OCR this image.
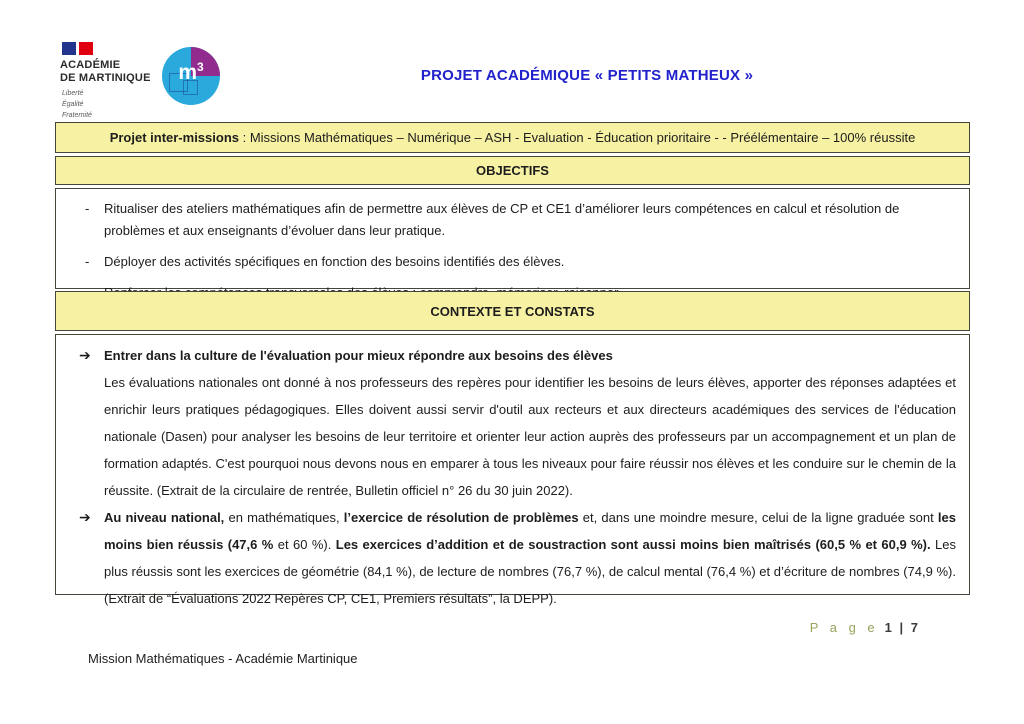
ACADÉMIE
DE MARTINIQUE
Liberté
Égalité
Fraternité
$m^3$	PROJET ACADÉMIQUE « PETITS MATHEUX »
Projet inter-missions : Missions Mathématiques – Numérique – ASH - Evaluation - Éducation prioritaire - - Préélémentaire – 100% réussite
OBJECTIFS
- Ritualiser des ateliers mathématiques afin de permettre aux élèves de CP et CE1 d’améliorer leurs compétences en calcul et résolution de problèmes et aux enseignants d’évoluer dans leur pratique.
- Déployer des activités spécifiques en fonction des besoins identifiés des élèves.
CONTEXTE ET CONSTATS
➔ Entrer dans la culture de l'évaluation pour mieux répondre aux besoins des élèves
Les évaluations nationales ont donné à nos professeurs des repères pour identifier les besoins de leurs élèves, apporter des réponses adaptées et enrichir leurs pratiques pédagogiques. Elles doivent aussi servir d'outil aux recteurs et aux directeurs académiques des services de l'éducation nationale (Dasen) pour analyser les besoins de leur territoire et orienter leur action auprès des professeurs par un accompagnement et un plan de formation adaptés. C'est pourquoi nous devons nous en emparer à tous les niveaux pour faire réussir nos élèves et les conduire sur le chemin de la réussite. (Extrait de la circulaire de rentrée, Bulletin officiel n° 26 du 30 juin 2022).
➔ Au niveau national, en mathématiques, l’exercice de résolution de problèmes et, dans une moindre mesure, celui de la ligne graduée sont les moins bien réussis (47,6 % et 60 %). Les exercices d’addition et de soustraction sont aussi moins bien maîtrisés (60,5 % et 60,9 %). Les plus réussis sont les exercices de géométrie (84,1 %), de lecture de nombres (76,7 %), de calcul mental (76,4 %) et d’écriture de nombres (74,9 %). (Extrait de “Évaluations 2022 Repères CP, CE1, Premiers résultats”, la DEPP).
P a g e 1 | 7
Mission Mathématiques - Académie Martinique
